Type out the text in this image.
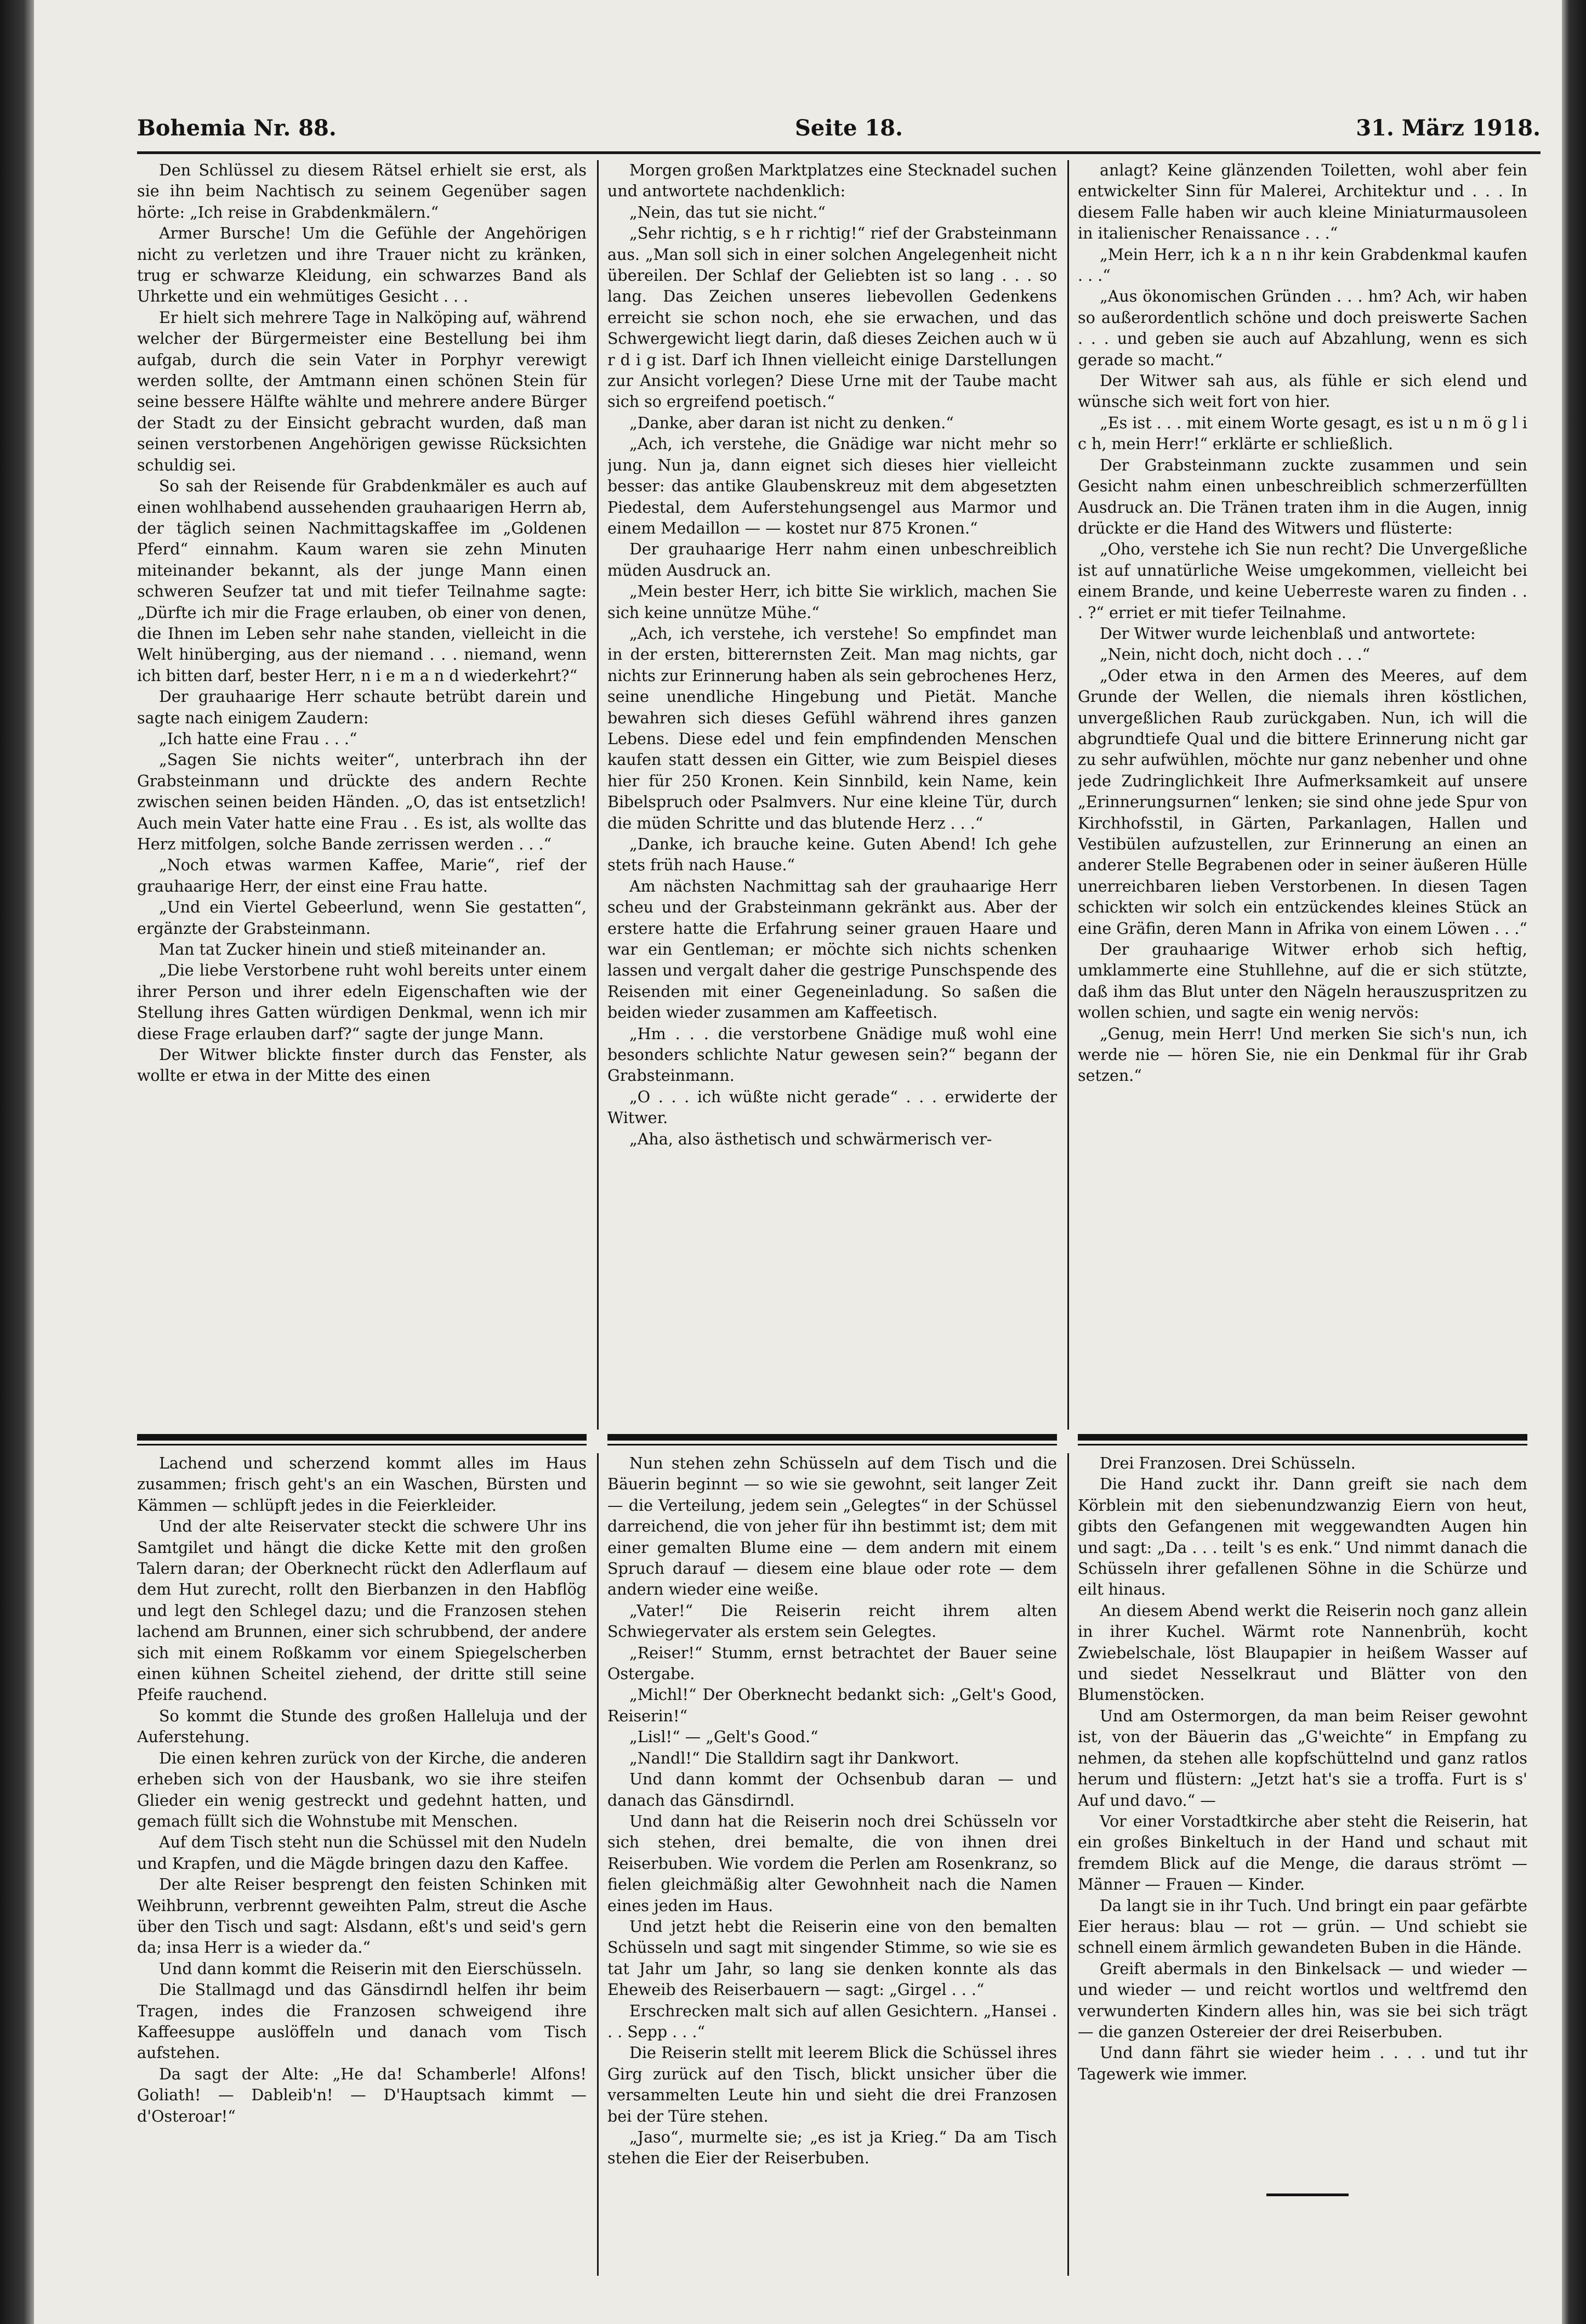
Bohemia Nr. 88.	Seite 18.	31. März 1918.

Den Schlüssel zu diesem Rätsel erhielt sie erst, als sie ihn beim Nachtisch zu seinem Gegenüber sagen hörte: „Ich reise in Grabdenkmälern.“

Armer Bursche! Um die Gefühle der Angehörigen nicht zu verletzen und ihre Trauer nicht zu kränken, trug er schwarze Kleidung, ein schwarzes Band als Uhrkette und ein wehmütiges Gesicht . . .

Er hielt sich mehrere Tage in Nalköping auf, während welcher der Bürgermeister eine Bestellung bei ihm aufgab, durch die sein Vater in Porphyr verewigt werden sollte, der Amtmann einen schönen Stein für seine bessere Hälfte wählte und mehrere andere Bürger der Stadt zu der Einsicht gebracht wurden, daß man seinen verstorbenen Angehörigen gewisse Rücksichten schuldig sei.

So sah der Reisende für Grabdenkmäler es auch auf einen wohlhabend aussehenden grauhaarigen Herrn ab, der täglich seinen Nachmittagskaffee im „Goldenen Pferd“ einnahm. Kaum waren sie zehn Minuten miteinander bekannt, als der junge Mann einen schweren Seufzer tat und mit tiefer Teilnahme sagte: „Dürfte ich mir die Frage erlauben, ob einer von denen, die Ihnen im Leben sehr nahe standen, vielleicht in die Welt hinüberging, aus der niemand . . . niemand, wenn ich bitten darf, bester Herr, n i e m a n d wiederkehrt?“

Der grauhaarige Herr schaute betrübt darein und sagte nach einigem Zaudern:

„Ich hatte eine Frau . . .“

„Sagen Sie nichts weiter“, unterbrach ihn der Grabsteinmann und drückte des andern Rechte zwischen seinen beiden Händen. „O, das ist entsetzlich! Auch mein Vater hatte eine Frau . . Es ist, als wollte das Herz mitfolgen, solche Bande zerrissen werden . . .“

„Noch etwas warmen Kaffee, Marie“, rief der grauhaarige Herr, der einst eine Frau hatte.

„Und ein Viertel Gebeerlund, wenn Sie gestatten“, ergänzte der Grabsteinmann.

Man tat Zucker hinein und stieß miteinander an.

„Die liebe Verstorbene ruht wohl bereits unter einem ihrer Person und ihrer edeln Eigenschaften wie der Stellung ihres Gatten würdigen Denkmal, wenn ich mir diese Frage erlauben darf?“ sagte der junge Mann.

Der Witwer blickte finster durch das Fenster, als wollte er etwa in der Mitte des einen

Morgen großen Marktplatzes eine Stecknadel suchen und antwortete nachdenklich:

„Nein, das tut sie nicht.“

„Sehr richtig, s e h r richtig!“ rief der Grabsteinmann aus. „Man soll sich in einer solchen Angelegenheit nicht übereilen. Der Schlaf der Geliebten ist so lang . . . so lang. Das Zeichen unseres liebevollen Gedenkens erreicht sie schon noch, ehe sie erwachen, und das Schwergewicht liegt darin, daß dieses Zeichen auch w ü r d i g ist. Darf ich Ihnen vielleicht einige Darstellungen zur Ansicht vorlegen? Diese Urne mit der Taube macht sich so ergreifend poetisch.“

„Danke, aber daran ist nicht zu denken.“

„Ach, ich verstehe, die Gnädige war nicht mehr so jung. Nun ja, dann eignet sich dieses hier vielleicht besser: das antike Glaubenskreuz mit dem abgesetzten Piedestal, dem Auferstehungsengel aus Marmor und einem Medaillon — — kostet nur 875 Kronen.“

Der grauhaarige Herr nahm einen unbeschreiblich müden Ausdruck an.

„Mein bester Herr, ich bitte Sie wirklich, machen Sie sich keine unnütze Mühe.“

„Ach, ich verstehe, ich verstehe! So empfindet man in der ersten, bitterernsten Zeit. Man mag nichts, gar nichts zur Erinnerung haben als sein gebrochenes Herz, seine unendliche Hingebung und Pietät. Manche bewahren sich dieses Gefühl während ihres ganzen Lebens. Diese edel und fein empfindenden Menschen kaufen statt dessen ein Gitter, wie zum Beispiel dieses hier für 250 Kronen. Kein Sinnbild, kein Name, kein Bibelspruch oder Psalmvers. Nur eine kleine Tür, durch die müden Schritte und das blutende Herz . . .“

„Danke, ich brauche keine. Guten Abend! Ich gehe stets früh nach Hause.“

Am nächsten Nachmittag sah der grauhaarige Herr scheu und der Grabsteinmann gekränkt aus. Aber der erstere hatte die Erfahrung seiner grauen Haare und war ein Gentleman; er möchte sich nichts schenken lassen und vergalt daher die gestrige Punschspende des Reisenden mit einer Gegeneinladung. So saßen die beiden wieder zusammen am Kaffeetisch.

„Hm . . . die verstorbene Gnädige muß wohl eine besonders schlichte Natur gewesen sein?“ begann der Grabsteinmann.

„O . . . ich wüßte nicht gerade“ . . . erwiderte der Witwer.

„Aha, also ästhetisch und schwärmerisch ver-

anlagt? Keine glänzenden Toiletten, wohl aber fein entwickelter Sinn für Malerei, Architektur und . . . In diesem Falle haben wir auch kleine Miniaturmausoleen in italienischer Renaissance . . .“

„Mein Herr, ich k a n n ihr kein Grabdenkmal kaufen . . .“

„Aus ökonomischen Gründen . . . hm? Ach, wir haben so außerordentlich schöne und doch preiswerte Sachen . . . und geben sie auch auf Abzahlung, wenn es sich gerade so macht.“

Der Witwer sah aus, als fühle er sich elend und wünsche sich weit fort von hier.

„Es ist . . . mit einem Worte gesagt, es ist u n m ö g l i c h, mein Herr!“ erklärte er schließlich.

Der Grabsteinmann zuckte zusammen und sein Gesicht nahm einen unbeschreiblich schmerzerfüllten Ausdruck an. Die Tränen traten ihm in die Augen, innig drückte er die Hand des Witwers und flüsterte:

„Oho, verstehe ich Sie nun recht? Die Unvergeßliche ist auf unnatürliche Weise umgekommen, vielleicht bei einem Brande, und keine Ueberreste waren zu finden . . . ?“ erriet er mit tiefer Teilnahme.

Der Witwer wurde leichenblaß und antwortete:

„Nein, nicht doch, nicht doch . . .“

„Oder etwa in den Armen des Meeres, auf dem Grunde der Wellen, die niemals ihren köstlichen, unvergeßlichen Raub zurückgaben. Nun, ich will die abgrundtiefe Qual und die bittere Erinnerung nicht gar zu sehr aufwühlen, möchte nur ganz nebenher und ohne jede Zudringlichkeit Ihre Aufmerksamkeit auf unsere „Erinnerungsurnen“ lenken; sie sind ohne jede Spur von Kirchhofsstil, in Gärten, Parkanlagen, Hallen und Vestibülen aufzustellen, zur Erinnerung an einen an anderer Stelle Begrabenen oder in seiner äußeren Hülle unerreichbaren lieben Verstorbenen. In diesen Tagen schickten wir solch ein entzückendes kleines Stück an eine Gräfin, deren Mann in Afrika von einem Löwen . . .“

Der grauhaarige Witwer erhob sich heftig, umklammerte eine Stuhllehne, auf die er sich stützte, daß ihm das Blut unter den Nägeln herauszuspritzen zu wollen schien, und sagte ein wenig nervös:

„Genug, mein Herr! Und merken Sie sich's nun, ich werde nie — hören Sie, nie ein Denkmal für ihr Grab setzen.“

Lachend und scherzend kommt alles im Haus zusammen; frisch geht's an ein Waschen, Bürsten und Kämmen — schlüpft jedes in die Feierkleider.

Und der alte Reiservater steckt die schwere Uhr ins Samtgilet und hängt die dicke Kette mit den großen Talern daran; der Oberknecht rückt den Adlerflaum auf dem Hut zurecht, rollt den Bierbanzen in den Habflög und legt den Schlegel dazu; und die Franzosen stehen lachend am Brunnen, einer sich schrubbend, der andere sich mit einem Roßkamm vor einem Spiegelscherben einen kühnen Scheitel ziehend, der dritte still seine Pfeife rauchend.

So kommt die Stunde des großen Halleluja und der Auferstehung.

Die einen kehren zurück von der Kirche, die anderen erheben sich von der Hausbank, wo sie ihre steifen Glieder ein wenig gestreckt und gedehnt hatten, und gemach füllt sich die Wohnstube mit Menschen.

Auf dem Tisch steht nun die Schüssel mit den Nudeln und Krapfen, und die Mägde bringen dazu den Kaffee.

Der alte Reiser besprengt den feisten Schinken mit Weihbrunn, verbrennt geweihten Palm, streut die Asche über den Tisch und sagt: Alsdann, eßt's und seid's gern da; insa Herr is a wieder da.“

Und dann kommt die Reiserin mit den Eierschüsseln.

Die Stallmagd und das Gänsdirndl helfen ihr beim Tragen, indes die Franzosen schweigend ihre Kaffeesuppe auslöffeln und danach vom Tisch aufstehen.

Da sagt der Alte: „He da! Schamberle! Alfons! Goliath! — Dableib'n! — D'Hauptsach kimmt — d'Osteroar!“

Nun stehen zehn Schüsseln auf dem Tisch und die Bäuerin beginnt — so wie sie gewohnt, seit langer Zeit — die Verteilung, jedem sein „Gelegtes“ in der Schüssel darreichend, die von jeher für ihn bestimmt ist; dem mit einer gemalten Blume eine — dem andern mit einem Spruch darauf — diesem eine blaue oder rote — dem andern wieder eine weiße.

„Vater!“ Die Reiserin reicht ihrem alten Schwiegervater als erstem sein Gelegtes.

„Reiser!“ Stumm, ernst betrachtet der Bauer seine Ostergabe.

„Michl!“ Der Oberknecht bedankt sich: „Gelt's Good, Reiserin!“

„Lisl!“ — „Gelt's Good.“

„Nandl!“ Die Stalldirn sagt ihr Dankwort.

Und dann kommt der Ochsenbub daran — und danach das Gänsdirndl.

Und dann hat die Reiserin noch drei Schüsseln vor sich stehen, drei bemalte, die von ihnen drei Reiserbuben. Wie vordem die Perlen am Rosenkranz, so fielen gleichmäßig alter Gewohnheit nach die Namen eines jeden im Haus.

Und jetzt hebt die Reiserin eine von den bemalten Schüsseln und sagt mit singender Stimme, so wie sie es tat Jahr um Jahr, so lang sie denken konnte als das Eheweib des Reiserbauern — sagt: „Girgel . . .“

Erschrecken malt sich auf allen Gesichtern. „Hansei . . . Sepp . . .“

Die Reiserin stellt mit leerem Blick die Schüssel ihres Girg zurück auf den Tisch, blickt unsicher über die versammelten Leute hin und sieht die drei Franzosen bei der Türe stehen.

„Jaso“, murmelte sie; „es ist ja Krieg.“ Da am Tisch stehen die Eier der Reiserbuben.

Drei Franzosen. Drei Schüsseln.

Die Hand zuckt ihr. Dann greift sie nach dem Körblein mit den siebenundzwanzig Eiern von heut, gibts den Gefangenen mit weggewandten Augen hin und sagt: „Da . . . teilt 's es enk.“ Und nimmt danach die Schüsseln ihrer gefallenen Söhne in die Schürze und eilt hinaus.

An diesem Abend werkt die Reiserin noch ganz allein in ihrer Kuchel. Wärmt rote Nannenbrüh, kocht Zwiebelschale, löst Blaupapier in heißem Wasser auf und siedet Nesselkraut und Blätter von den Blumenstöcken.

Und am Ostermorgen, da man beim Reiser gewohnt ist, von der Bäuerin das „G'weichte“ in Empfang zu nehmen, da stehen alle kopfschüttelnd und ganz ratlos herum und flüstern: „Jetzt hat's sie a troffa. Furt is s' Auf und davo.“ —

Vor einer Vorstadtkirche aber steht die Reiserin, hat ein großes Binkeltuch in der Hand und schaut mit fremdem Blick auf die Menge, die daraus strömt — Männer — Frauen — Kinder.

Da langt sie in ihr Tuch. Und bringt ein paar gefärbte Eier heraus: blau — rot — grün. — Und schiebt sie schnell einem ärmlich gewandeten Buben in die Hände.

Greift abermals in den Binkelsack — und wieder — und wieder — und reicht wortlos und weltfremd den verwunderten Kindern alles hin, was sie bei sich trägt — die ganzen Ostereier der drei Reiserbuben.

Und dann fährt sie wieder heim . . . . und tut ihr Tagewerk wie immer.
